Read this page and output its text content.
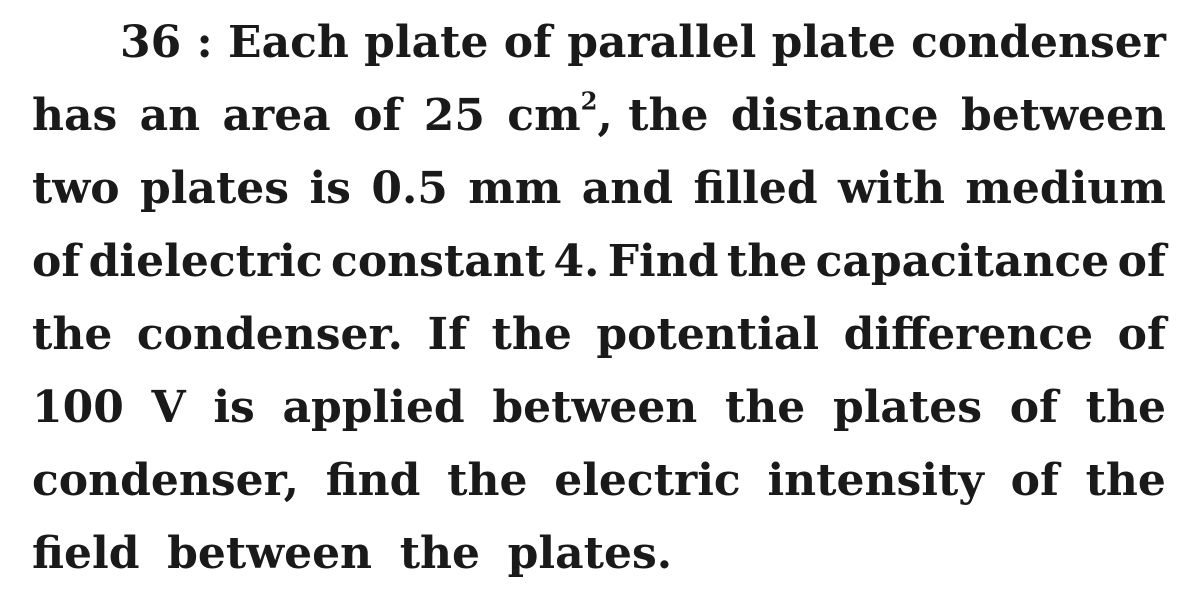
36 : Each plate of parallel plate condenser
has an area of 25 $cm^2$, the distance between
two plates is 0.5 mm and filled with medium
of dielectric constant 4. Find the capacitance of
the condenser. If the potential difference of
100 V is applied between the plates of the
condenser, find the electric intensity of the
field between the plates.
